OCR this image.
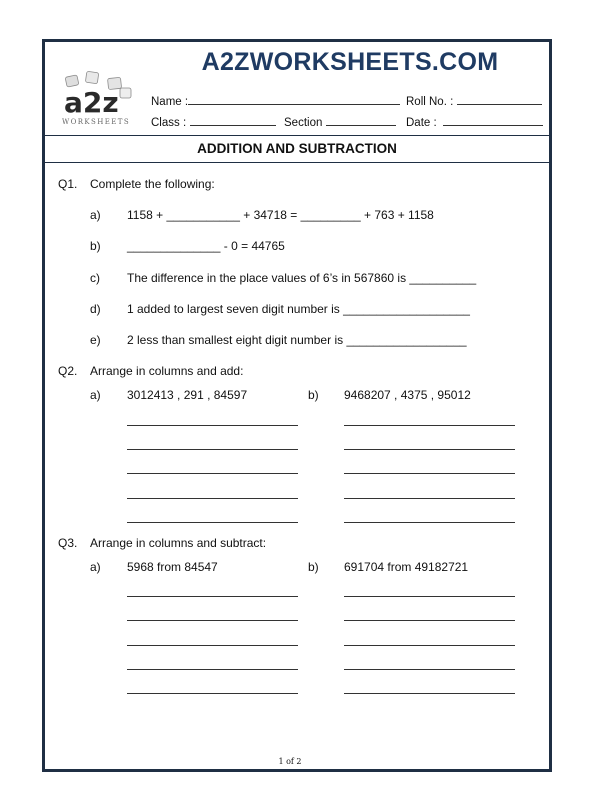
A2ZWORKSHEETS.COM
a2z
WORKSHEETS
Name :	Roll No. :
Class :	Section	Date :
ADDITION AND SUBTRACTION
Q1. Complete the following:
a) 1158 + ___________ + 34718 = _________ + 763 + 1158
b) ______________ - 0 = 44765
c) The difference in the place values of 6’s in 567860 is __________
d) 1 added to largest seven digit number is ___________________
e) 2 less than smallest eight digit number is __________________
Q2. Arrange in columns and add:
a) 3012413 , 291 , 84597	b) 9468207 , 4375 , 95012
Q3. Arrange in columns and subtract:
a) 5968 from 84547	b) 691704 from 49182721
1 of 2
